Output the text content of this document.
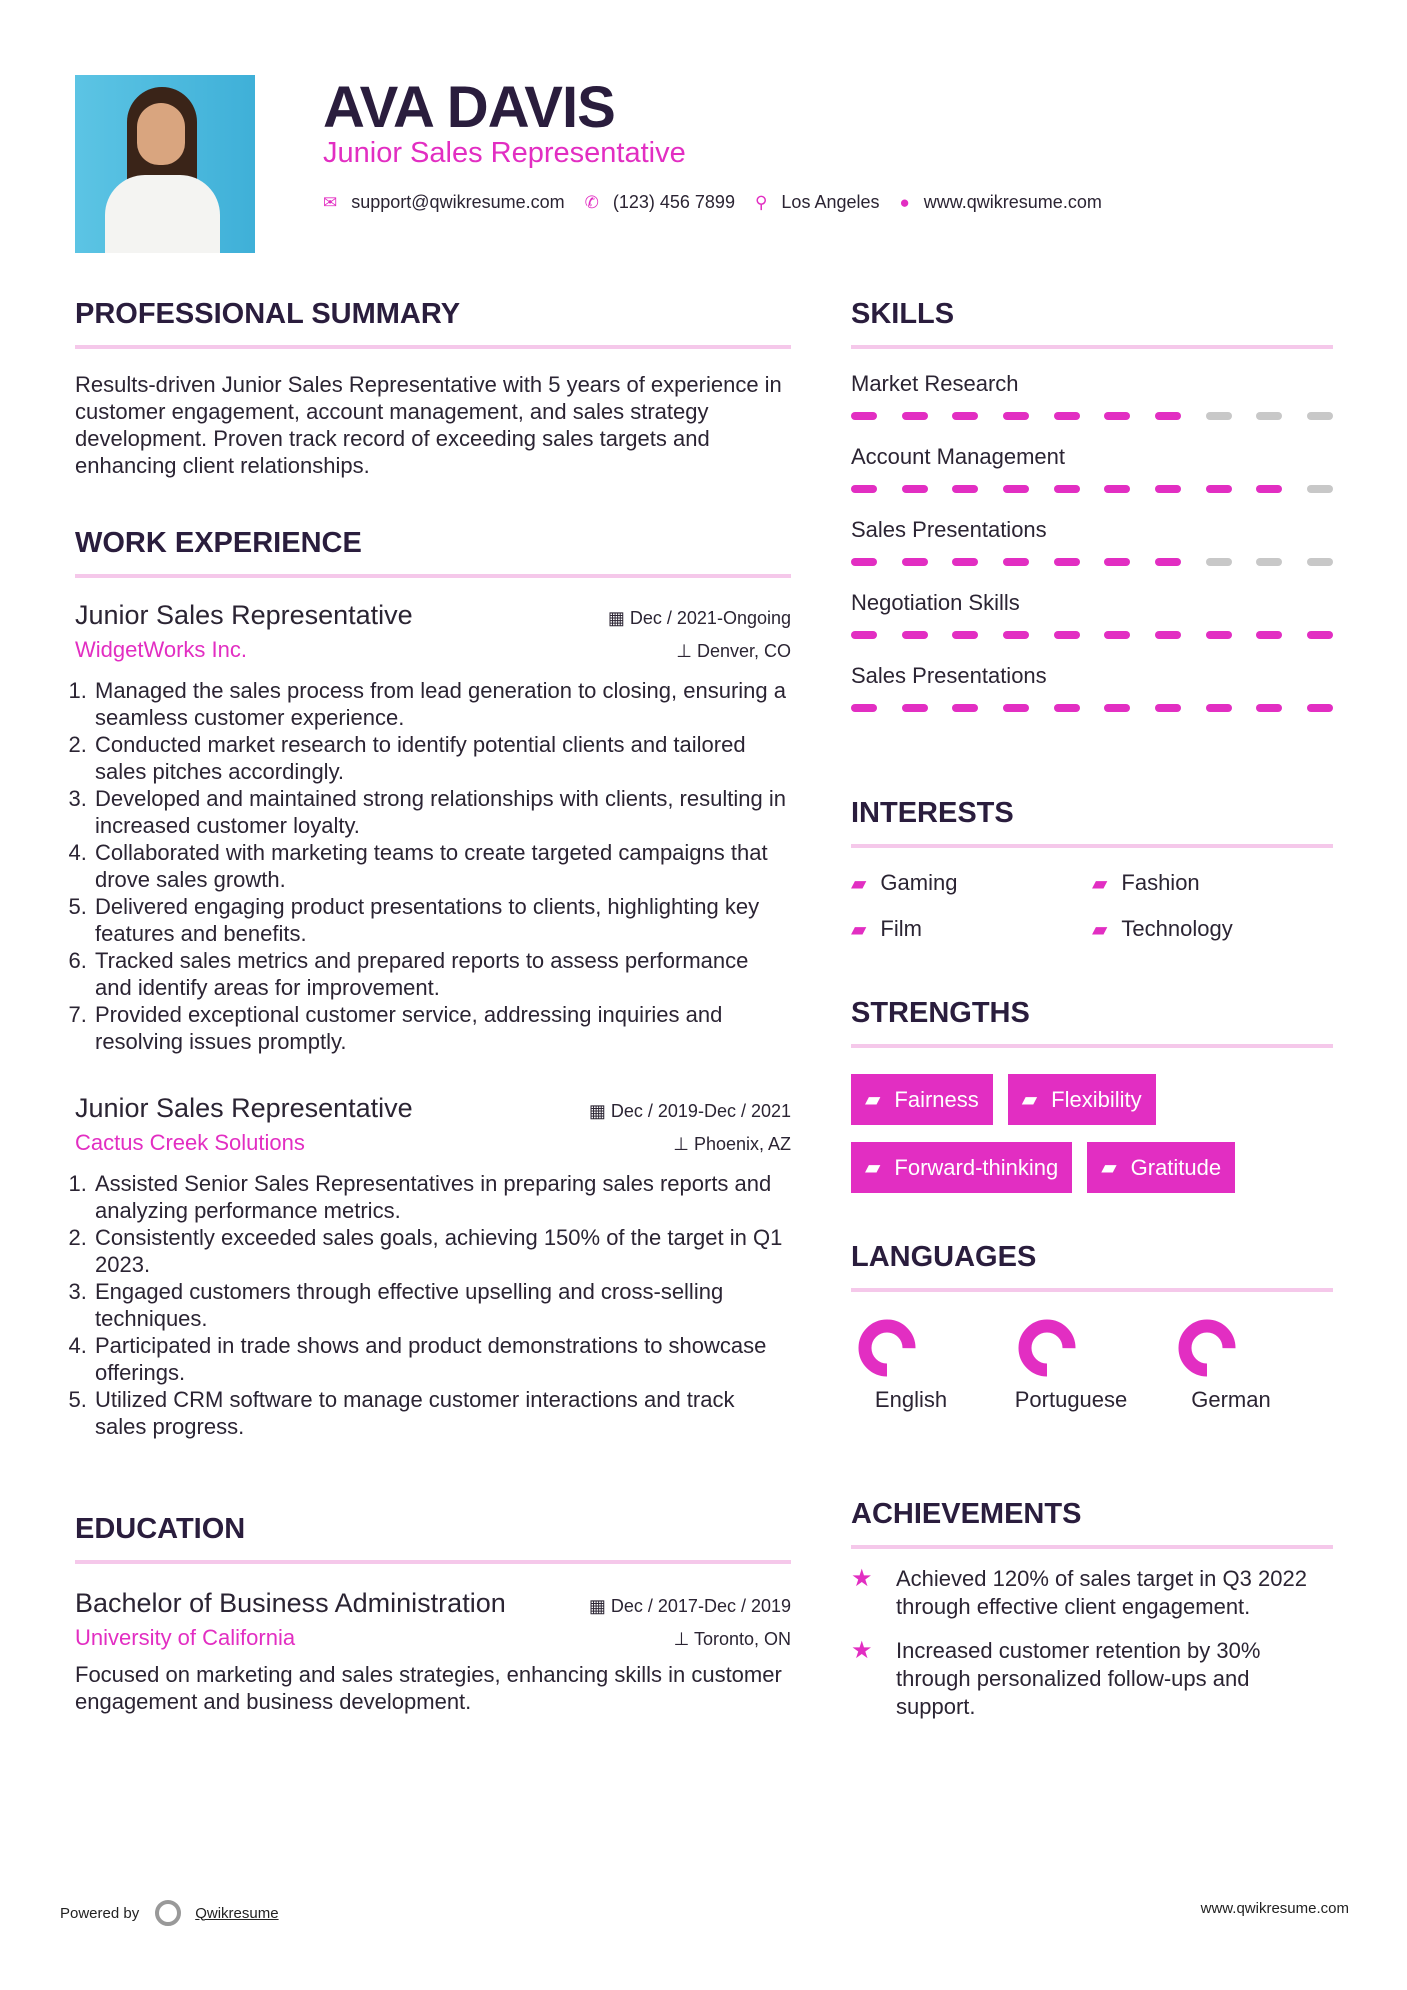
AVA DAVIS
Junior Sales Representative
✉ support@qwikresume.com ✆ (123) 456 7899 ⚲ Los Angeles ● www.qwikresume.com
PROFESSIONAL SUMMARY
Results-driven Junior Sales Representative with 5 years of experience in customer engagement, account management, and sales strategy development. Proven track record of exceeding sales targets and enhancing client relationships.
WORK EXPERIENCE
Junior Sales Representative	▦ Dec / 2021-Ongoing
WidgetWorks Inc.	⊥ Denver, CO
1. Managed the sales process from lead generation to closing, ensuring a seamless customer experience.
2. Conducted market research to identify potential clients and tailored sales pitches accordingly.
3. Developed and maintained strong relationships with clients, resulting in increased customer loyalty.
4. Collaborated with marketing teams to create targeted campaigns that drove sales growth.
5. Delivered engaging product presentations to clients, highlighting key features and benefits.
6. Tracked sales metrics and prepared reports to assess performance and identify areas for improvement.
7. Provided exceptional customer service, addressing inquiries and resolving issues promptly.
Junior Sales Representative	▦ Dec / 2019-Dec / 2021
Cactus Creek Solutions	⊥ Phoenix, AZ
1. Assisted Senior Sales Representatives in preparing sales reports and analyzing performance metrics.
2. Consistently exceeded sales goals, achieving 150% of the target in Q1 2023.
3. Engaged customers through effective upselling and cross-selling techniques.
4. Participated in trade shows and product demonstrations to showcase offerings.
5. Utilized CRM software to manage customer interactions and track sales progress.
EDUCATION
Bachelor of Business Administration	▦ Dec / 2017-Dec / 2019
University of California	⊥ Toronto, ON
Focused on marketing and sales strategies, enhancing skills in customer engagement and business development.
SKILLS
Market Research
Account Management
Sales Presentations
Negotiation Skills
Sales Presentations
INTERESTS
▰ Gaming	▰ Fashion
▰ Film	▰ Technology
STRENGTHS
▰ Fairness ▰ Flexibility
▰ Forward-thinking ▰ Gratitude
LANGUAGES
English	Portuguese	German
ACHIEVEMENTS
★	Achieved 120% of sales target in Q3 2022 through effective client engagement.
★	Increased customer retention by 30% through personalized follow-ups and support.
Powered by	Qwikresume	www.qwikresume.com
